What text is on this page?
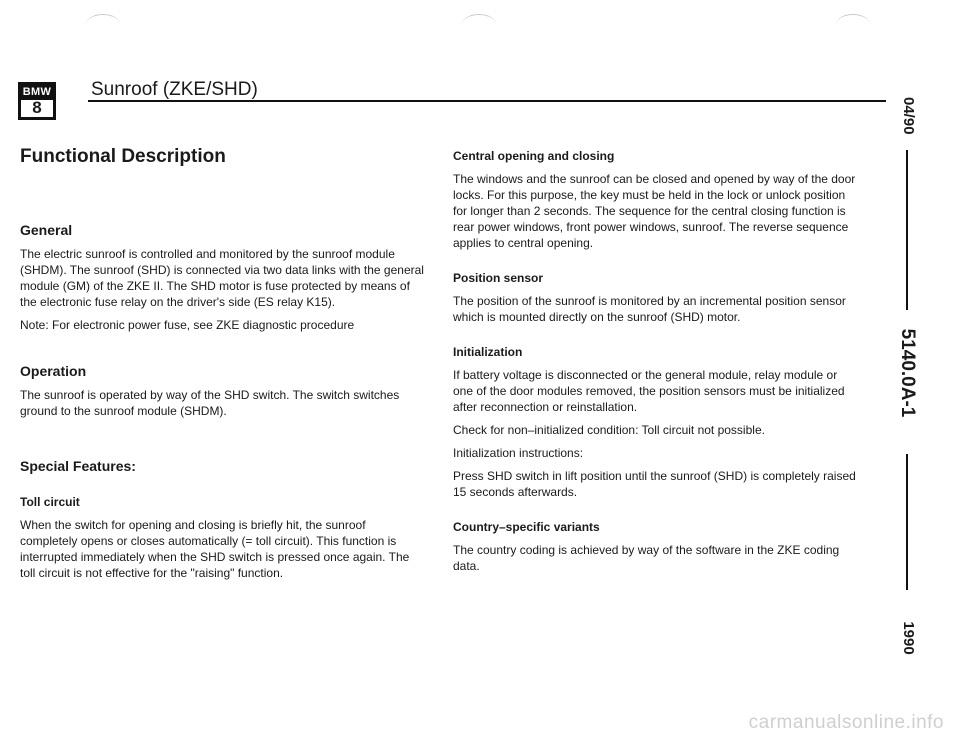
BMW
8
Sunroof (ZKE/SHD)
Functional Description
General

The electric sunroof is controlled and monitored by the sunroof module (SHDM). The sunroof (SHD) is connected via two data links with the general module (GM) of the ZKE II. The SHD motor is fuse protected by means of the electronic fuse relay on the driver's side (ES relay K15).

Note: For electronic power fuse, see ZKE diagnostic procedure

Operation

The sunroof is operated by way of the SHD switch. The switch switches ground to the sunroof module (SHDM).

Special Features:

Toll circuit

When the switch for opening and closing is briefly hit, the sunroof completely opens or closes automatically (= toll circuit). This function is interrupted immediately when the SHD switch is pressed once again. The toll circuit is not effective for the "raising" function.

Central opening and closing

The windows and the sunroof can be closed and opened by way of the door locks. For this purpose, the key must be held in the lock or unlock position for longer than 2 seconds. The sequence for the central closing function is rear power windows, front power windows, sunroof. The reverse sequence applies to central opening.

Position sensor

The position of the sunroof is monitored by an incremental position sensor which is mounted directly on the sunroof (SHD) motor.

Initialization

If battery voltage is disconnected or the general module, relay module or one of the door modules removed, the position sensors must be initialized after reconnection or reinstallation.

Check for non–initialized condition: Toll circuit not possible.

Initialization instructions:

Press SHD switch in lift position until the sunroof (SHD) is completely raised 15 seconds afterwards.

Country–specific variants

The country coding is achieved by way of the software in the ZKE coding data.

04/90
5140.0A-1
1990
carmanualsonline.info
